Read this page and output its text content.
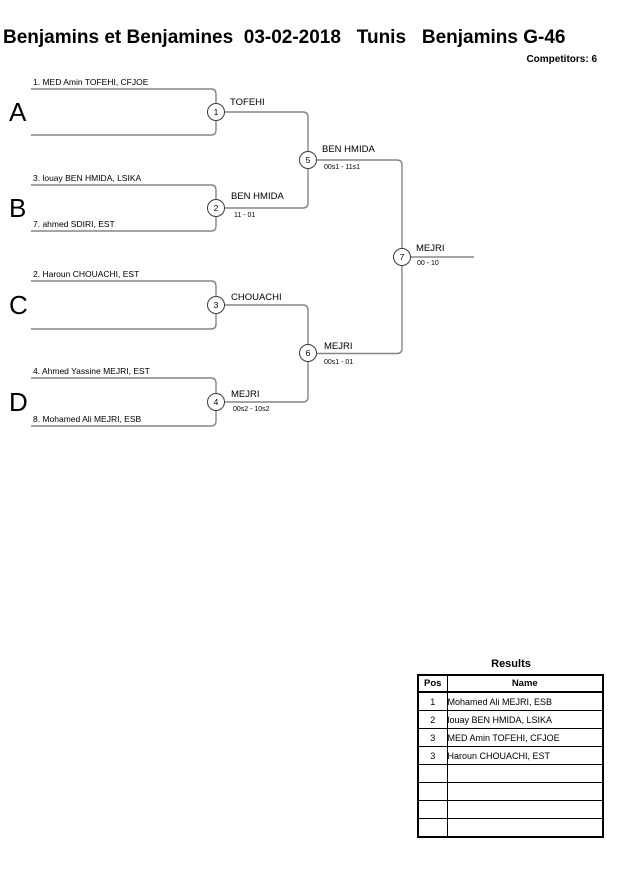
Benjamins et Benjamines  03-02-2018   Tunis   Benjamins G-46
Competitors: 6
A
B
C
D
1. MED Amin TOFEHI, CFJOE
3. louay BEN HMIDA, LSIKA
7. ahmed SDIRI, EST
2. Haroun CHOUACHI, EST
4. Ahmed Yassine MEJRI, EST
8. Mohamed Ali MEJRI, ESB
1
2
3
4
5
6
7
TOFEHI
BEN HMIDA
CHOUACHI
MEJRI
BEN HMIDA
MEJRI
MEJRI
11 - 01
00s2 - 10s2
00s1 - 11s1
00s1 - 01
00 - 10
Results
Pos	Name
1	Mohamed Ali MEJRI, ESB
2	louay BEN HMIDA, LSIKA
3	MED Amin TOFEHI, CFJOE
3	Haroun CHOUACHI, EST
